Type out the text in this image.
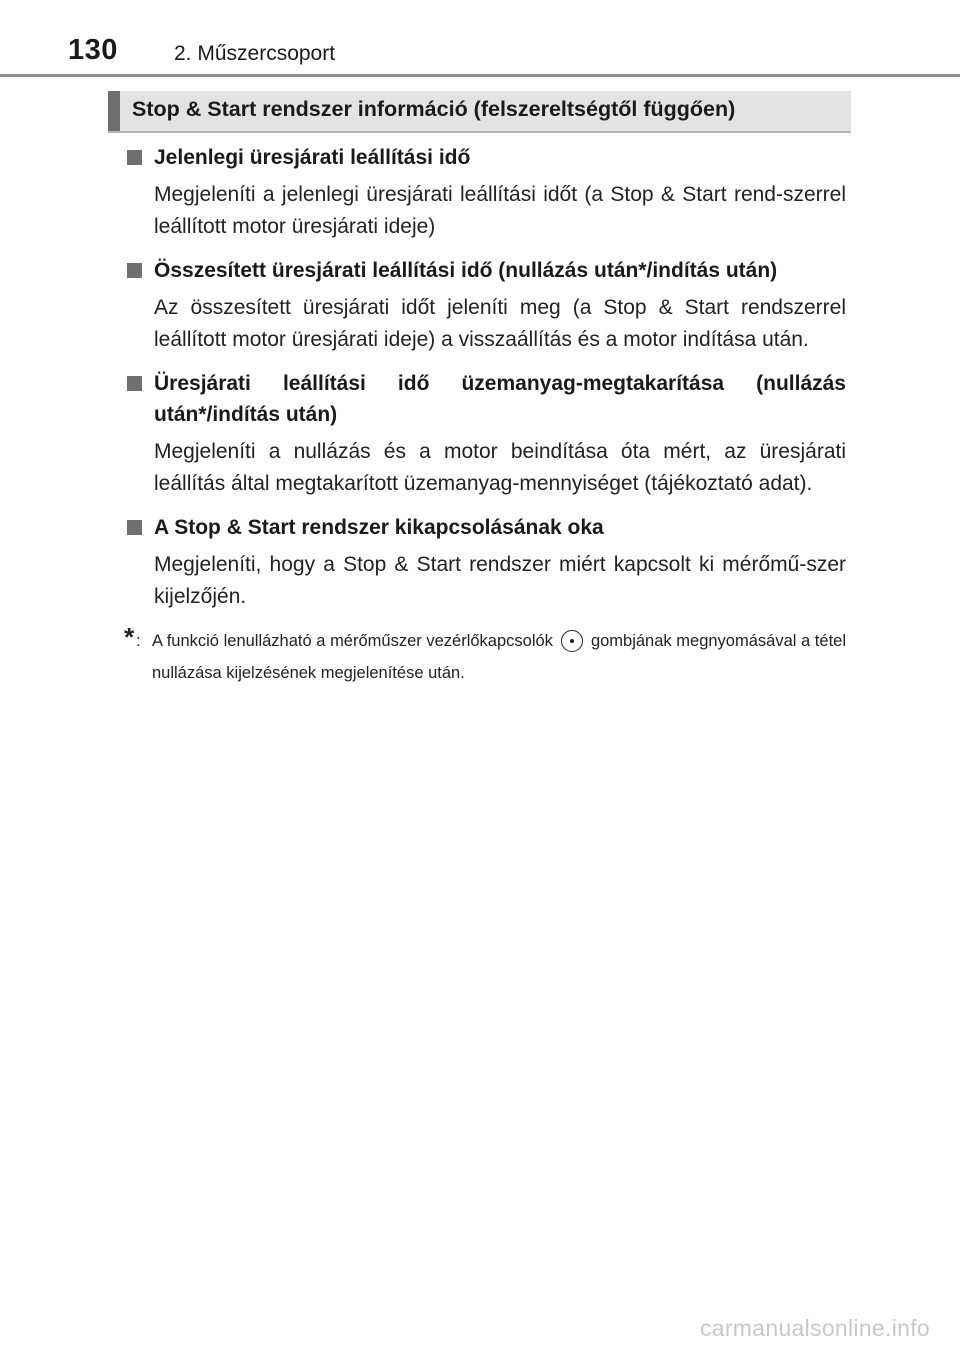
130	2. Műszercsoport
Stop & Start rendszer információ (felszereltségtől függően)
Jelenlegi üresjárati leállítási idő
Megjeleníti a jelenlegi üresjárati leállítási időt (a Stop & Start rend-szerrel leállított motor üresjárati ideje)
Összesített üresjárati leállítási idő (nullázás után*/indítás után)
Az összesített üresjárati időt jeleníti meg (a Stop & Start rendszerrel leállított motor üresjárati ideje) a visszaállítás és a motor indítása után.
Üresjárati leállítási idő üzemanyag-megtakarítása (nullázás után*/indítás után)
Megjeleníti a nullázás és a motor beindítása óta mért, az üresjárati leállítás által megtakarított üzemanyag-mennyiséget (tájékoztató adat).
A Stop & Start rendszer kikapcsolásának oka
Megjeleníti, hogy a Stop & Start rendszer miért kapcsolt ki mérőmű-szer kijelzőjén.
* : A funkció lenullázható a mérőműszer vezérlőkapcsolók gombjának megnyomásával a tétel nullázása kijelzésének megjelenítése után.
carmanualsonline.info
